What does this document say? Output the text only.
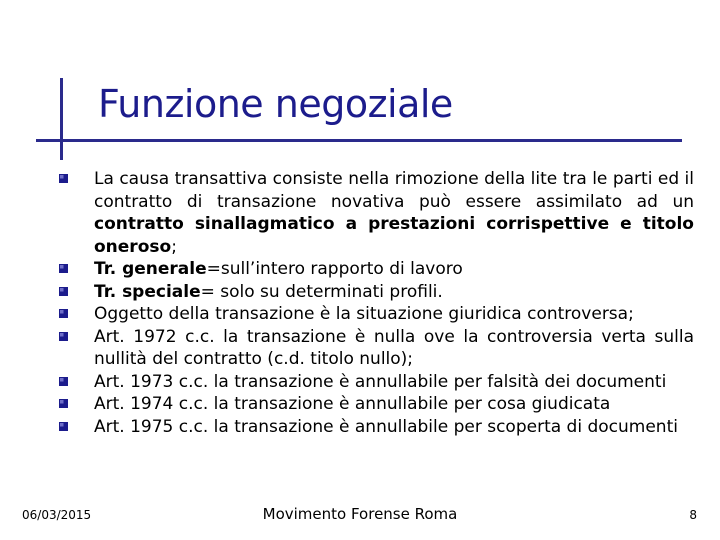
Funzione negoziale
La causa transattiva consiste nella rimozione della lite tra le parti ed il contratto di transazione novativa può essere assimilato ad un contratto sinallagmatico a prestazioni corrispettive e titolo oneroso;
Tr. generale=sull’intero rapporto di lavoro
Tr. speciale= solo su determinati profili.
Oggetto della transazione è la situazione giuridica controversa;
Art. 1972 c.c. la transazione è nulla ove la controversia verta sulla nullità del contratto (c.d. titolo nullo);
Art. 1973 c.c. la transazione è annullabile per falsità dei documenti
Art. 1974 c.c. la transazione è annullabile per cosa giudicata
Art. 1975 c.c. la transazione è annullabile per scoperta di documenti
06/03/2015	Movimento Forense Roma	8
